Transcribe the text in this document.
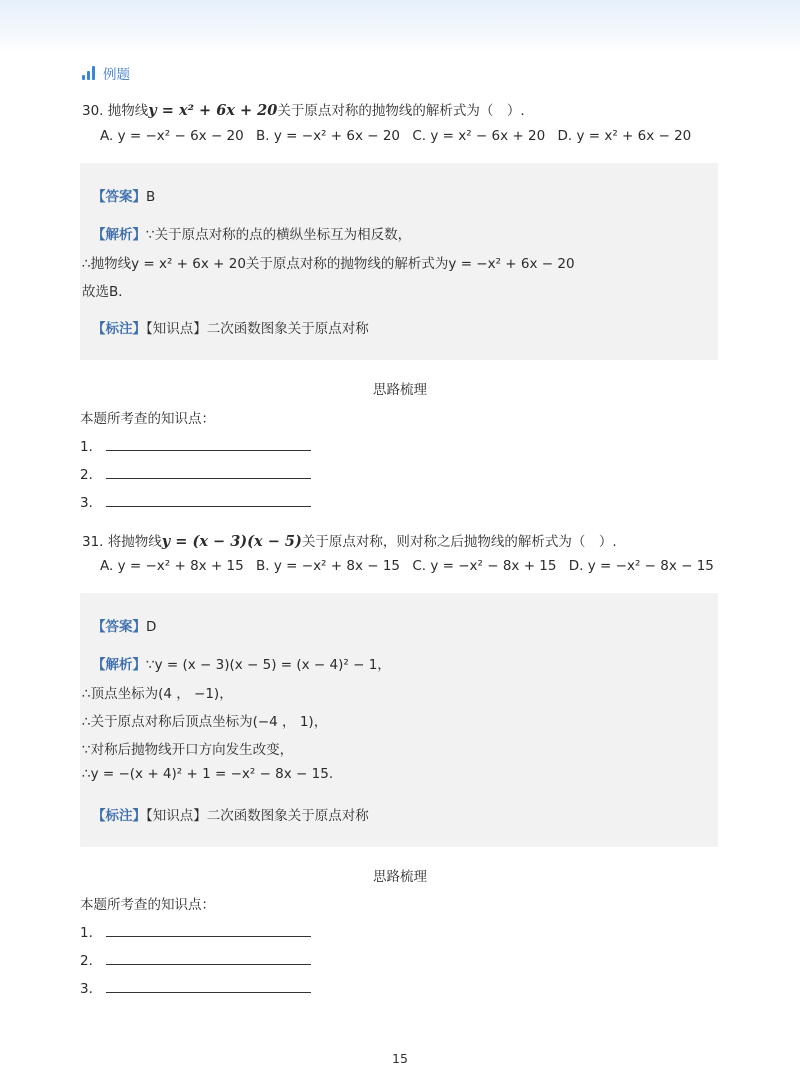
例题
30. 抛物线y = x² + 6x + 20关于原点对称的抛物线的解析式为（　）.
A. y = −x² − 6x − 20 B. y = −x² + 6x − 20 C. y = x² − 6x + 20 D. y = x² + 6x − 20
【答案】B
【解析】∵关于原点对称的点的横纵坐标互为相反数，
∴抛物线y = x² + 6x + 20关于原点对称的抛物线的解析式为y = −x² + 6x − 20
故选B．
【标注】【知识点】二次函数图象关于原点对称
思路梳理
本题所考查的知识点：
1．
2．
3．
31. 将抛物线y = (x − 3)(x − 5)关于原点对称，则对称之后抛物线的解析式为（　）.
A. y = −x² + 8x + 15 B. y = −x² + 8x − 15 C. y = −x² − 8x + 15 D. y = −x² − 8x − 15
【答案】D
【解析】∵y = (x − 3)(x − 5) = (x − 4)² − 1，
∴顶点坐标为(4 ， −1)，
∴关于原点对称后顶点坐标为(−4 ， 1)，
∵对称后抛物线开口方向发生改变，
∴y = −(x + 4)² + 1 = −x² − 8x − 15.
【标注】【知识点】二次函数图象关于原点对称
思路梳理
本题所考查的知识点：
1．
2．
3．
15
